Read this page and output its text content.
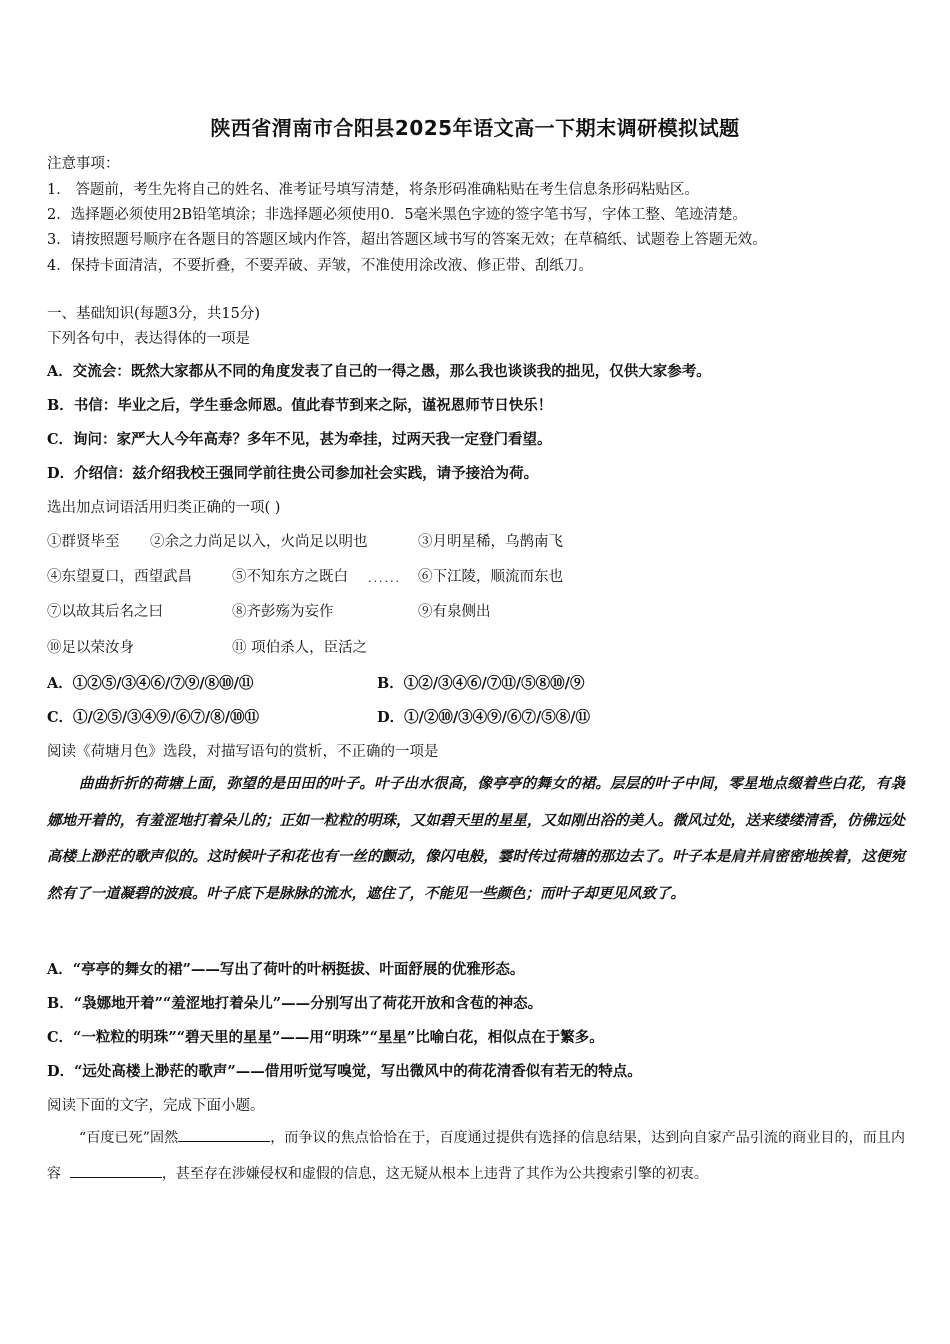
陕西省渭南市合阳县2025年语文高一下期末调研模拟试题
注意事项：
1． 答题前，考生先将自己的姓名、准考证号填写清楚，将条形码准确粘贴在考生信息条形码粘贴区。
2．选择题必须使用2B铅笔填涂；非选择题必须使用0．5毫米黑色字迹的签字笔书写，字体工整、笔迹清楚。
3．请按照题号顺序在各题目的答题区域内作答，超出答题区域书写的答案无效；在草稿纸、试题卷上答题无效。
4．保持卡面清洁，不要折叠，不要弄破、弄皱，不准使用涂改液、修正带、刮纸刀。
一、基础知识(每题3分，共15分)
下列各句中，表达得体的一项是
A．交流会：既然大家都从不同的角度发表了自己的一得之愚，那么我也谈谈我的拙见，仅供大家参考。
B．书信：毕业之后，学生垂念师恩。值此春节到来之际，谨祝恩师节日快乐！
C．询问：家严大人今年高寿？多年不见，甚为牵挂，过两天我一定登门看望。
D．介绍信：兹介绍我校王强同学前往贵公司参加社会实践，请予接洽为荷。
选出加点词语活用归类正确的一项( )
①群贤毕至 ②余之力尚足以入，火尚足以明也	③月明星稀，乌鹊南飞
④东望夏口，西望武昌	⑤不知东方之既白 ...... ⑥下江陵，顺流而东也
⑦以故其后名之曰	⑧齐彭殇为妄作	⑨有泉侧出
⑩足以荣汝身	⑪ 项伯杀人，臣活之
A．①②⑤/③④⑥/⑦⑨/⑧⑩/⑪	B．①②/③④⑥/⑦⑪/⑤⑧⑩/⑨
C．①/②⑤/③④⑨/⑥⑦/⑧/⑩⑪	D．①/②⑩/③④⑨/⑥⑦/⑤⑧/⑪
阅读《荷塘月色》选段，对描写语句的赏析，不正确的一项是
曲曲折折的荷塘上面，弥望的是田田的叶子。叶子出水很高，像亭亭的舞女的裙。层层的叶子中间，零星地点缀着些白花，有袅娜地开着的，有羞涩地打着朵儿的；正如一粒粒的明珠，又如碧天里的星星，又如刚出浴的美人。微风过处，送来缕缕清香，仿佛远处高楼上渺茫的歌声似的。这时候叶子和花也有一丝的颤动，像闪电般，霎时传过荷塘的那边去了。叶子本是肩并肩密密地挨着，这便宛然有了一道凝碧的波痕。叶子底下是脉脉的流水，遮住了，不能见一些颜色；而叶子却更见风致了。
A．“亭亭的舞女的裙”——写出了荷叶的叶柄挺拔、叶面舒展的优雅形态。
B．“袅娜地开着”“羞涩地打着朵儿”——分别写出了荷花开放和含苞的神态。
C．“一粒粒的明珠”“碧天里的星星”——用“明珠”“星星”比喻白花，相似点在于繁多。
D．“远处高楼上渺茫的歌声”——借用听觉写嗅觉，写出微风中的荷花清香似有若无的特点。
阅读下面的文字，完成下面小题。
“百度已死”固然	，而争议的焦点恰恰在于，百度通过提供有选择的信息结果，达到向自家产品引流的商业目的，而且内容	，甚至存在涉嫌侵权和虚假的信息，这无疑从根本上违背了其作为公共搜索引擎的初衷。
